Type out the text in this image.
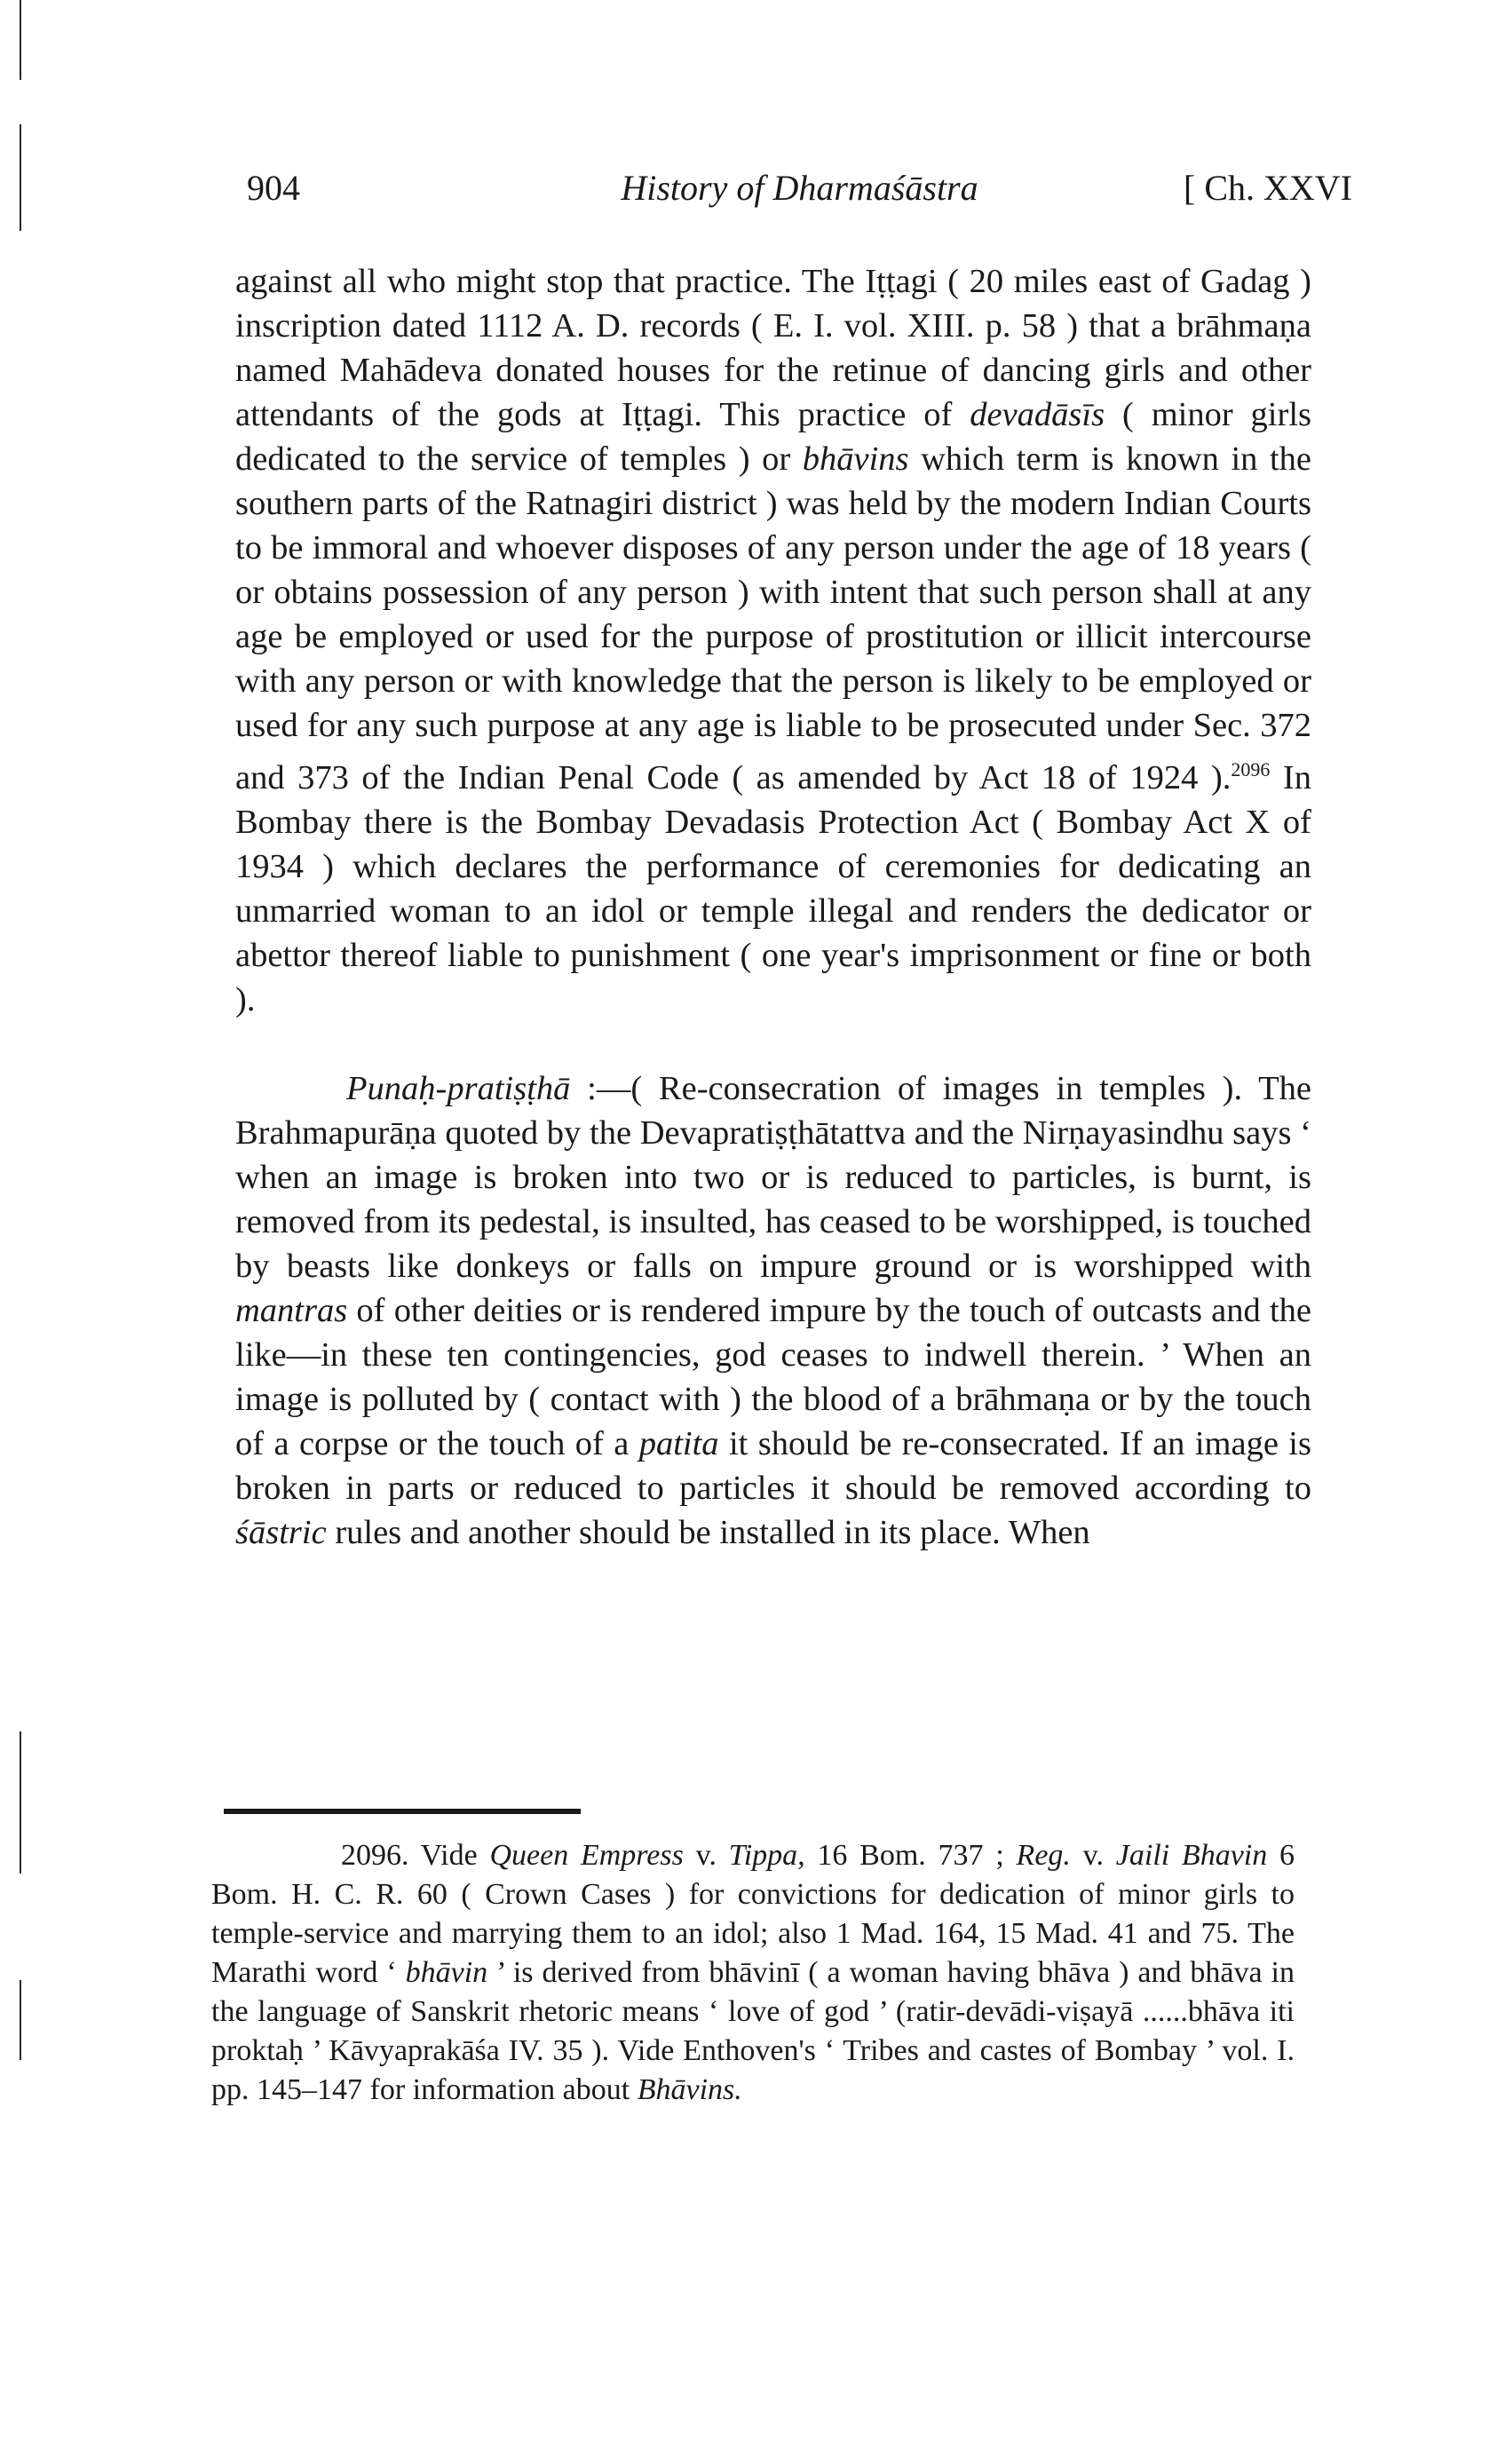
904	History of Dharmaśāstra	[ Ch. XXVI

against all who might stop that practice. The Iṭṭagi ( 20 miles east of Gadag ) inscription dated 1112 A. D. records ( E. I. vol. XIII. p. 58 ) that a brāhmaṇa named Mahādeva donated houses for the retinue of dancing girls and other attendants of the gods at Iṭṭagi. This practice of devadāsīs ( minor girls dedicated to the service of temples ) or bhāvins which term is known in the southern parts of the Ratnagiri district ) was held by the modern Indian Courts to be immoral and whoever disposes of any person under the age of 18 years ( or obtains possession of any person ) with intent that such person shall at any age be employed or used for the purpose of prostitution or illicit intercourse with any person or with knowledge that the person is likely to be employed or used for any such purpose at any age is liable to be prosecuted under Sec. 372 and 373 of the Indian Penal Code ( as amended by Act 18 of 1924 ).$^{2096}$ In Bombay there is the Bombay Devadasis Protection Act ( Bombay Act X of 1934 ) which declares the performance of ceremonies for dedicating an unmarried woman to an idol or temple illegal and renders the dedicator or abettor thereof liable to punishment ( one year's imprisonment or fine or both ).

Punaḥ-pratiṣṭhā :—( Re-consecration of images in temples ). The Brahmapurāṇa quoted by the Devapratiṣṭhātattva and the Nirṇayasindhu says ‘ when an image is broken into two or is reduced to particles, is burnt, is removed from its pedestal, is insulted, has ceased to be worshipped, is touched by beasts like donkeys or falls on impure ground or is worshipped with mantras of other deities or is rendered impure by the touch of outcasts and the like—in these ten contingencies, god ceases to indwell therein. ’ When an image is polluted by ( contact with ) the blood of a brāhmaṇa or by the touch of a corpse or the touch of a patita it should be re-consecrated. If an image is broken in parts or reduced to particles it should be removed according to śāstric rules and another should be installed in its place. When

2096. Vide Queen Empress v. Tippa, 16 Bom. 737 ; Reg. v. Jaili Bhavin 6 Bom. H. C. R. 60 ( Crown Cases ) for convictions for dedication of minor girls to temple-service and marrying them to an idol; also 1 Mad. 164, 15 Mad. 41 and 75. The Marathi word ‘ bhāvin ’ is derived from bhāvinī ( a woman having bhāva ) and bhāva in the language of Sanskrit rhetoric means ‘ love of god ’ (ratir-devādi-viṣayā ......bhāva iti proktaḥ ’ Kāvyaprakāśa IV. 35 ). Vide Enthoven's ‘ Tribes and castes of Bombay ’ vol. I. pp. 145–147 for information about Bhāvins.
